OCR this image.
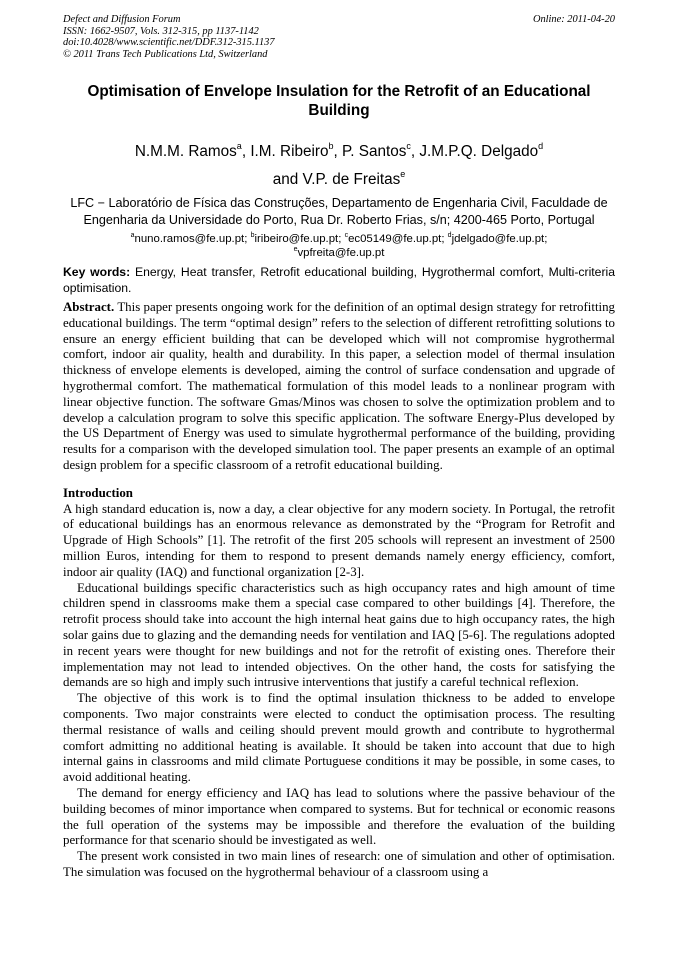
Defect and Diffusion Forum
ISSN: 1662-9507, Vols. 312-315, pp 1137-1142
doi:10.4028/www.scientific.net/DDF.312-315.1137
© 2011 Trans Tech Publications Ltd, Switzerland
Online: 2011-04-20
Optimisation of Envelope Insulation for the Retrofit of an Educational Building
N.M.M. Ramos$^a$, I.M. Ribeiro$^b$, P. Santos$^c$, J.M.P.Q. Delgado$^d$
and V.P. de Freitas$^e$
LFC − Laboratório de Física das Construções, Departamento de Engenharia Civil, Faculdade de Engenharia da Universidade do Porto, Rua Dr. Roberto Frias, s/n; 4200-465 Porto, Portugal
$^a$nuno.ramos@fe.up.pt; $^b$iribeiro@fe.up.pt; $^c$ec05149@fe.up.pt; $^d$jdelgado@fe.up.pt;
$^e$vpfreita@fe.up.pt
Key words: Energy, Heat transfer, Retrofit educational building, Hygrothermal comfort, Multi-criteria optimisation.

Abstract. This paper presents ongoing work for the definition of an optimal design strategy for retrofitting educational buildings. The term “optimal design” refers to the selection of different retrofitting solutions to ensure an energy efficient building that can be developed which will not compromise hygrothermal comfort, indoor air quality, health and durability. In this paper, a selection model of thermal insulation thickness of envelope elements is developed, aiming the control of surface condensation and upgrade of hygrothermal comfort. The mathematical formulation of this model leads to a nonlinear program with linear objective function. The software Gmas/Minos was chosen to solve the optimization problem and to develop a calculation program to solve this specific application. The software Energy-Plus developed by the US Department of Energy was used to simulate hygrothermal performance of the building, providing results for a comparison with the developed simulation tool. The paper presents an example of an optimal design problem for a specific classroom of a retrofit educational building.

Introduction

A high standard education is, now a day, a clear objective for any modern society. In Portugal, the retrofit of educational buildings has an enormous relevance as demonstrated by the “Program for Retrofit and Upgrade of High Schools” [1]. The retrofit of the first 205 schools will represent an investment of 2500 million Euros, intending for them to respond to present demands namely energy efficiency, comfort, indoor air quality (IAQ) and functional organization [2-3].

Educational buildings specific characteristics such as high occupancy rates and high amount of time children spend in classrooms make them a special case compared to other buildings [4]. Therefore, the retrofit process should take into account the high internal heat gains due to high occupancy rates, the high solar gains due to glazing and the demanding needs for ventilation and IAQ [5-6]. The regulations adopted in recent years were thought for new buildings and not for the retrofit of existing ones. Therefore their implementation may not lead to intended objectives. On the other hand, the costs for satisfying the demands are so high and imply such intrusive interventions that justify a careful technical reflexion.

The objective of this work is to find the optimal insulation thickness to be added to envelope components. Two major constraints were elected to conduct the optimisation process. The resulting thermal resistance of walls and ceiling should prevent mould growth and contribute to hygrothermal comfort admitting no additional heating is available. It should be taken into account that due to high internal gains in classrooms and mild climate Portuguese conditions it may be possible, in some cases, to avoid additional heating.

The demand for energy efficiency and IAQ has lead to solutions where the passive behaviour of the building becomes of minor importance when compared to systems. But for technical or economic reasons the full operation of the systems may be impossible and therefore the evaluation of the building performance for that scenario should be investigated as well.

The present work consisted in two main lines of research: one of simulation and other of optimisation. The simulation was focused on the hygrothermal behaviour of a classroom using a
